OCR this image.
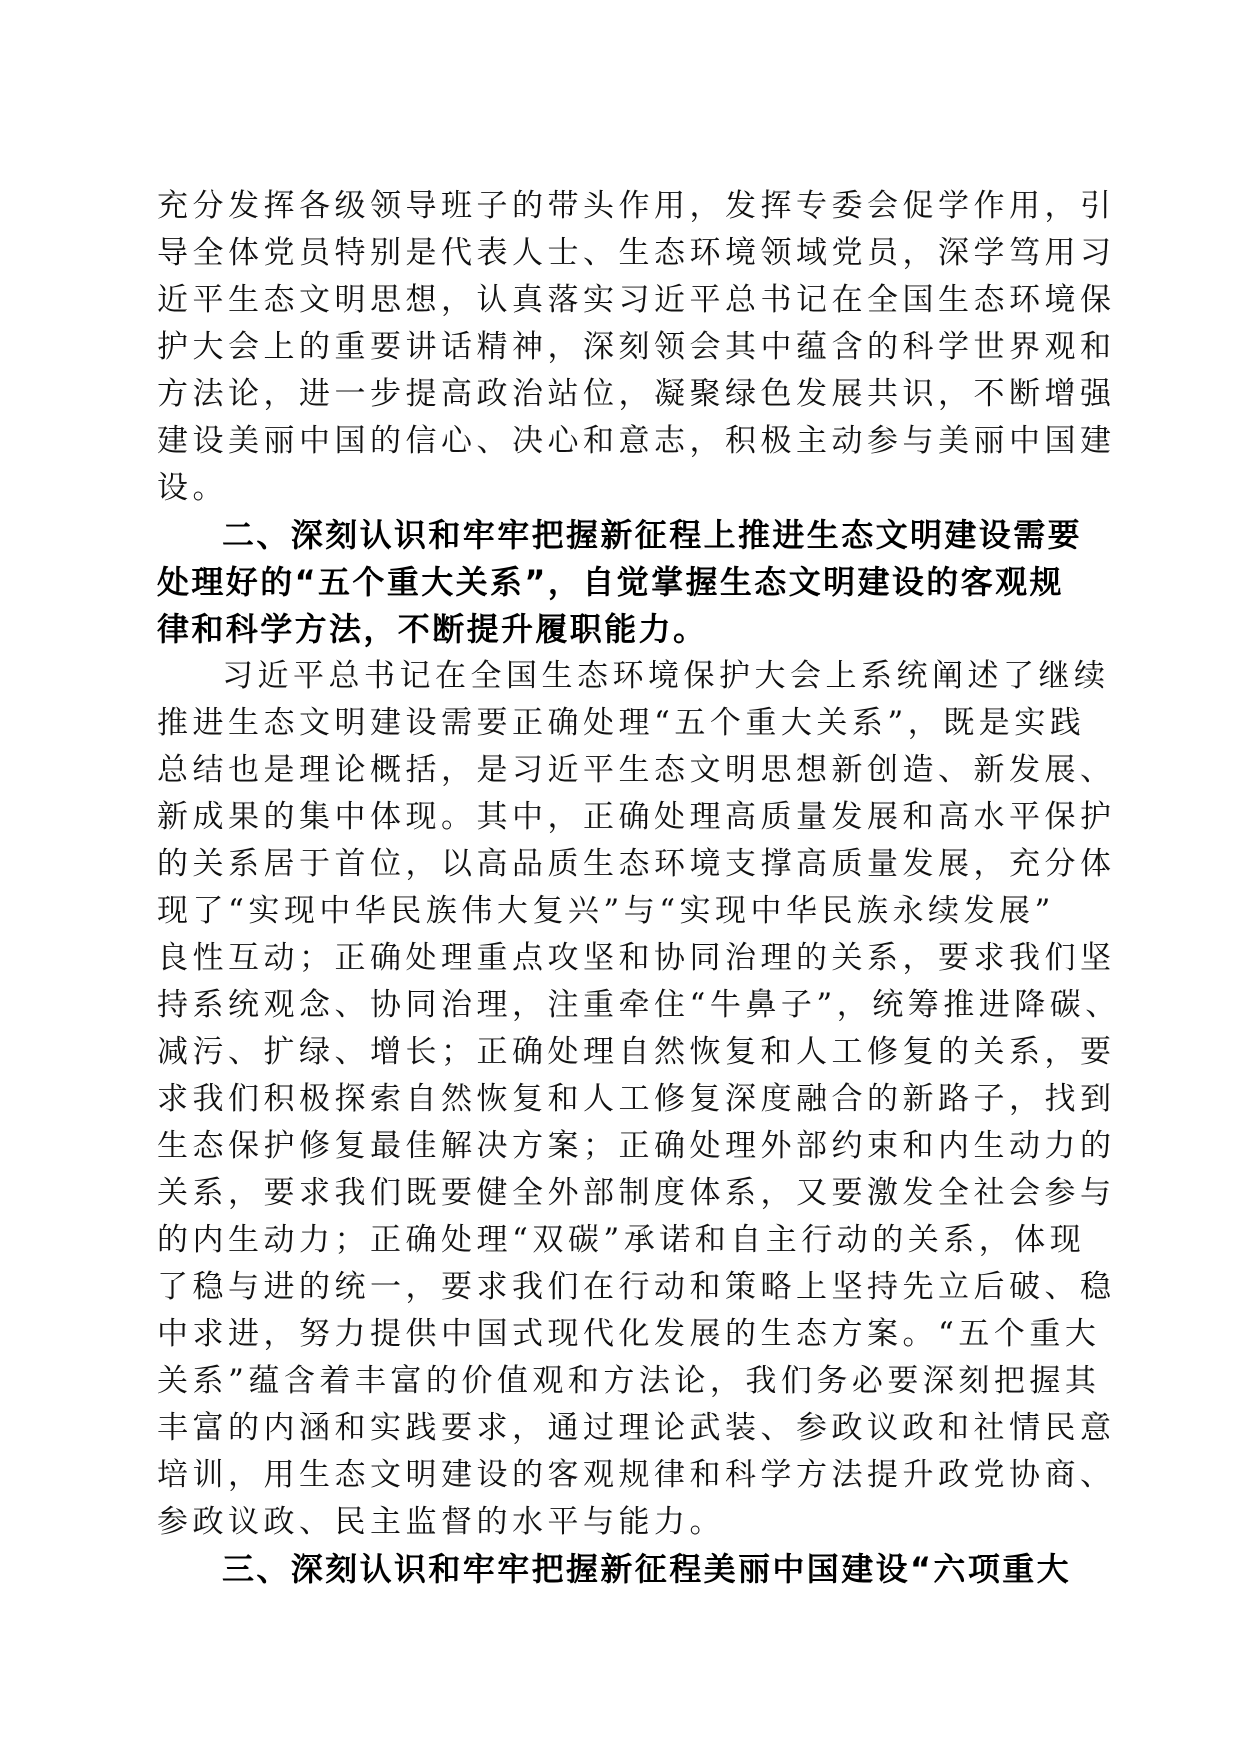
充分发挥各级领导班子的带头作用，发挥专委会促学作用，引

导全体党员特别是代表人士、生态环境领域党员，深学笃用习

近平生态文明思想，认真落实习近平总书记在全国生态环境保

护大会上的重要讲话精神，深刻领会其中蕴含的科学世界观和

方法论，进一步提高政治站位，凝聚绿色发展共识，不断增强

建设美丽中国的信心、决心和意志，积极主动参与美丽中国建

设。

二、深刻认识和牢牢把握新征程上推进生态文明建设需要

处理好的“五个重大关系”，自觉掌握生态文明建设的客观规

律和科学方法，不断提升履职能力。

习近平总书记在全国生态环境保护大会上系统阐述了继续

推进生态文明建设需要正确处理“五个重大关系”，既是实践

总结也是理论概括，是习近平生态文明思想新创造、新发展、

新成果的集中体现。其中，正确处理高质量发展和高水平保护

的关系居于首位，以高品质生态环境支撑高质量发展，充分体

现了“实现中华民族伟大复兴”与“实现中华民族永续发展”

良性互动；正确处理重点攻坚和协同治理的关系，要求我们坚

持系统观念、协同治理，注重牵住“牛鼻子”，统筹推进降碳、

减污、扩绿、增长；正确处理自然恢复和人工修复的关系，要

求我们积极探索自然恢复和人工修复深度融合的新路子，找到

生态保护修复最佳解决方案；正确处理外部约束和内生动力的

关系，要求我们既要健全外部制度体系，又要激发全社会参与

的内生动力；正确处理“双碳”承诺和自主行动的关系，体现

了稳与进的统一，要求我们在行动和策略上坚持先立后破、稳

中求进，努力提供中国式现代化发展的生态方案。“五个重大

关系”蕴含着丰富的价值观和方法论，我们务必要深刻把握其

丰富的内涵和实践要求，通过理论武装、参政议政和社情民意

培训，用生态文明建设的客观规律和科学方法提升政党协商、

参政议政、民主监督的水平与能力。

三、深刻认识和牢牢把握新征程美丽中国建设“六项重大
